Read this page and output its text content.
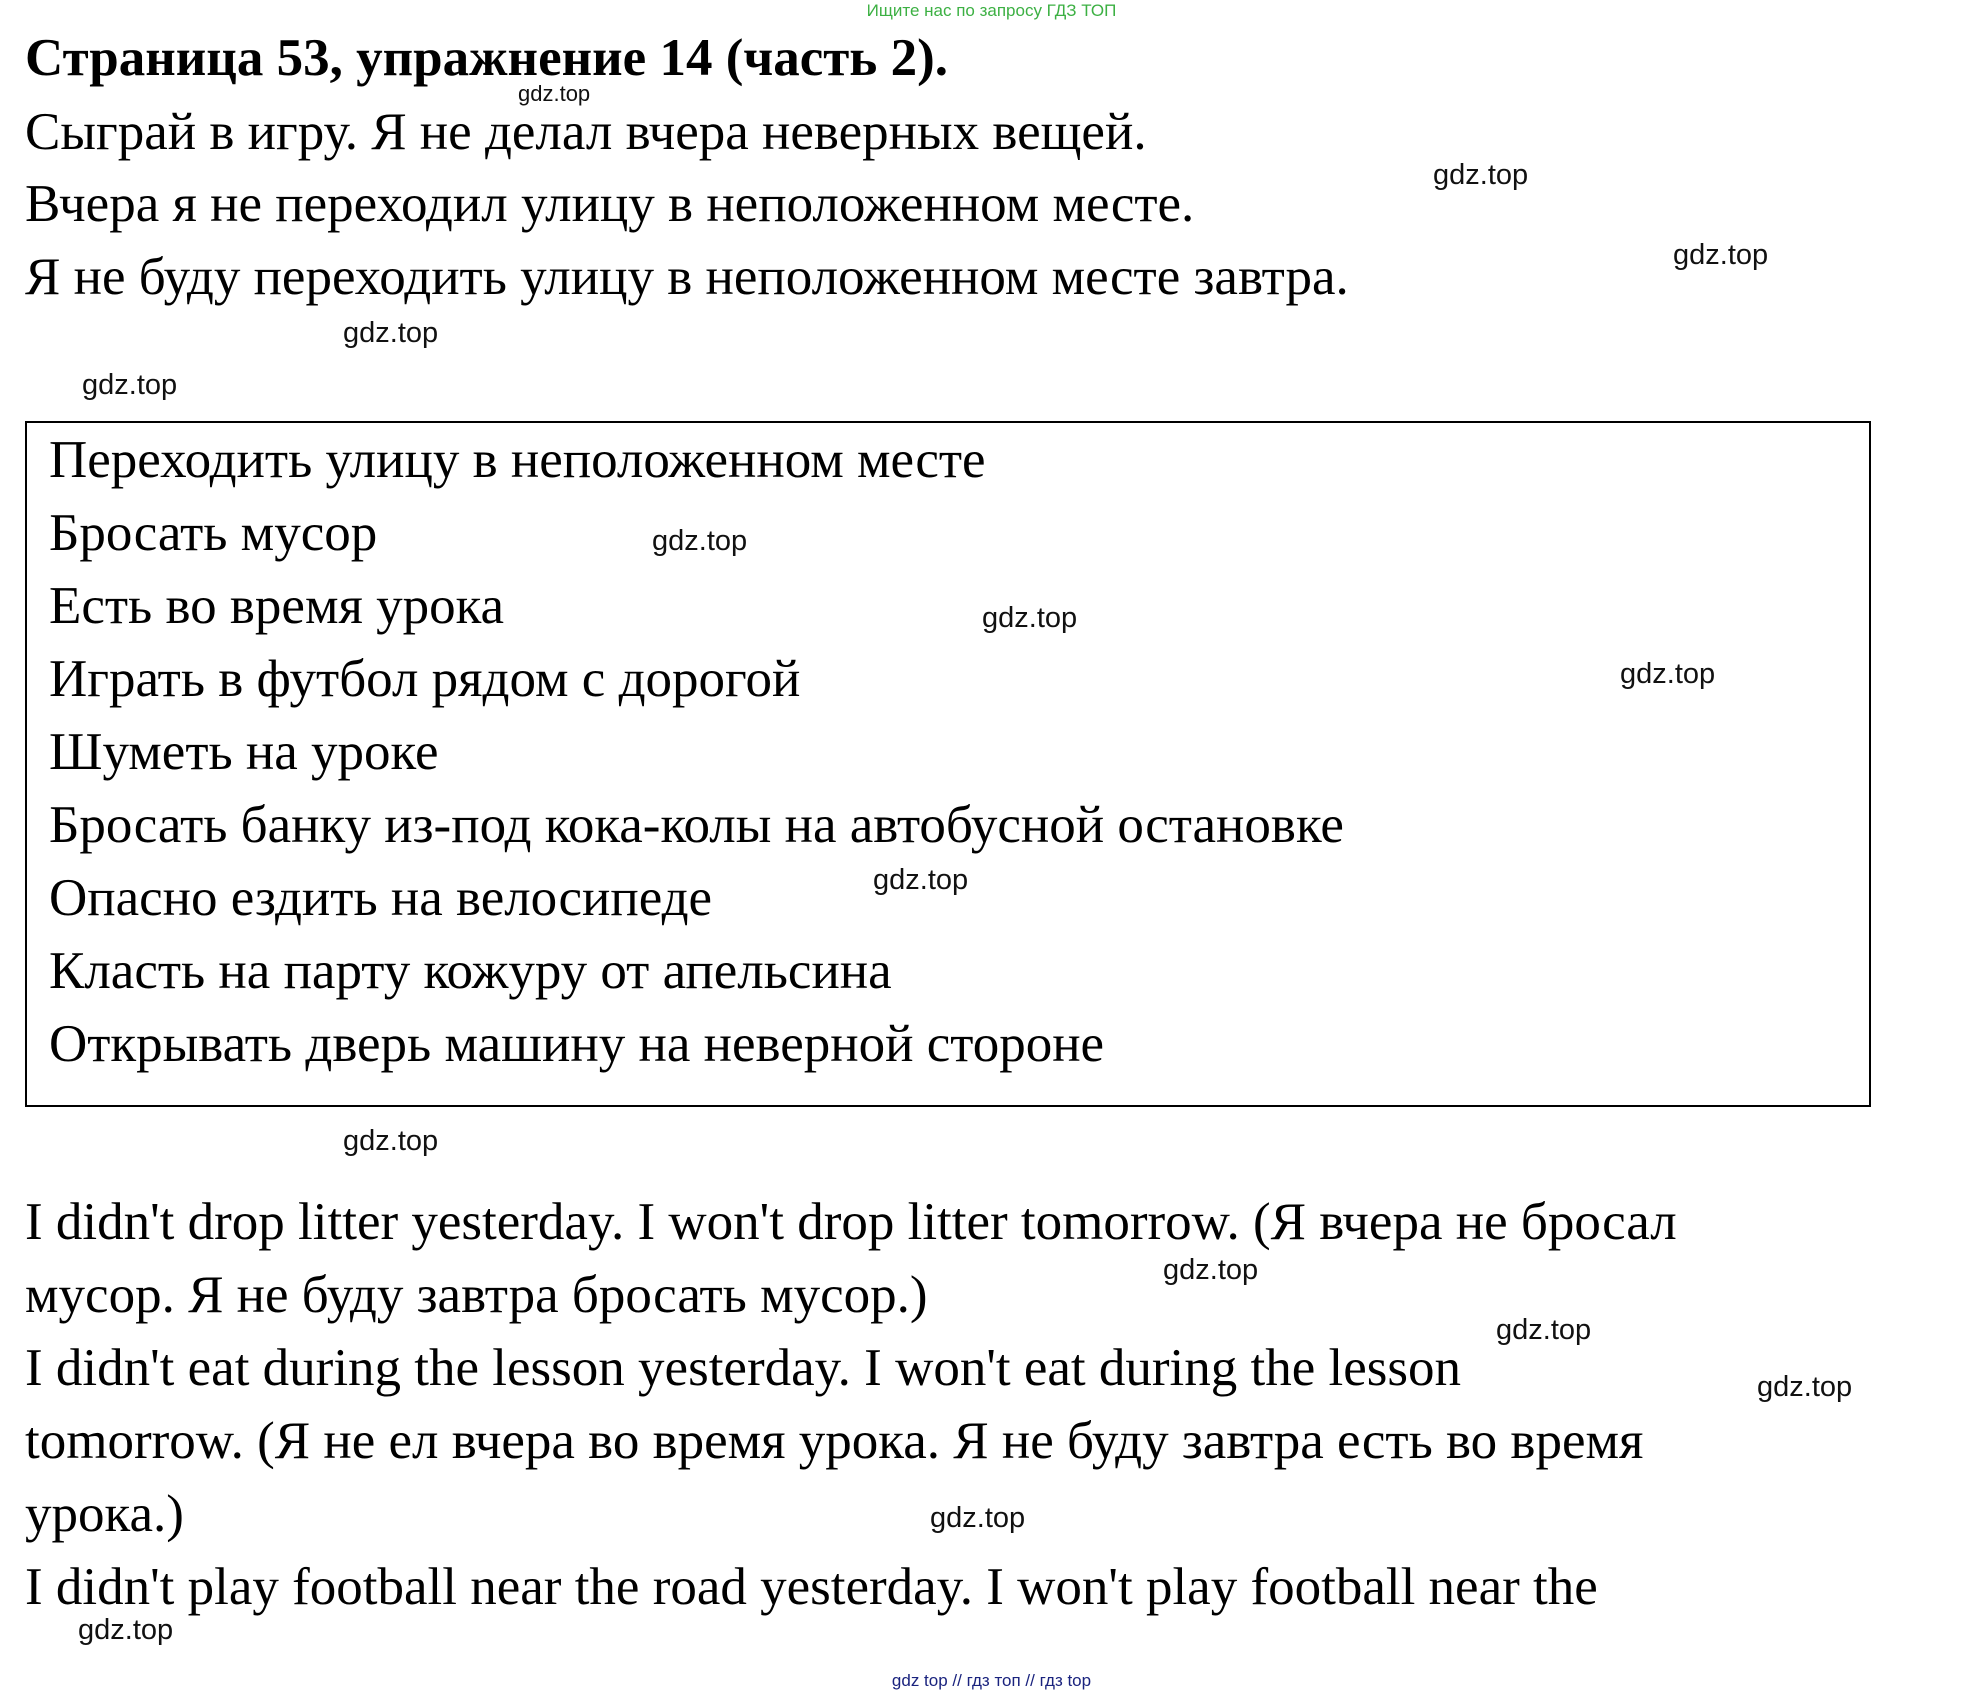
Ищите нас по запросу ГДЗ ТОП
Страница 53, упражнение 14 (часть 2).
Сыграй в игру. Я не делал вчера неверных вещей.
Вчера я не переходил улицу в неположенном месте.
Я не буду переходить улицу в неположенном месте завтра.
Переходить улицу в неположенном месте
Бросать мусор
Есть во время урока
Играть в футбол рядом с дорогой
Шуметь на уроке
Бросать банку из-под кока-колы на автобусной остановке
Опасно ездить на велосипеде
Класть на парту кожуру от апельсина
Открывать дверь машину на неверной стороне
I didn't drop litter yesterday. I won't drop litter tomorrow. (Я вчера не бросал
мусор. Я не буду завтра бросать мусор.)
I didn't eat during the lesson yesterday. I won't eat during the lesson
tomorrow. (Я не ел вчера во время урока. Я не буду завтра есть во время
урока.)
I didn't play football near the road yesterday. I won't play football near the
gdz.top
gdz.top
gdz.top
gdz.top
gdz.top
gdz.top
gdz.top
gdz.top
gdz.top
gdz.top
gdz.top
gdz.top
gdz.top
gdz.top
gdz.top
gdz top // гдз топ // гдз top
